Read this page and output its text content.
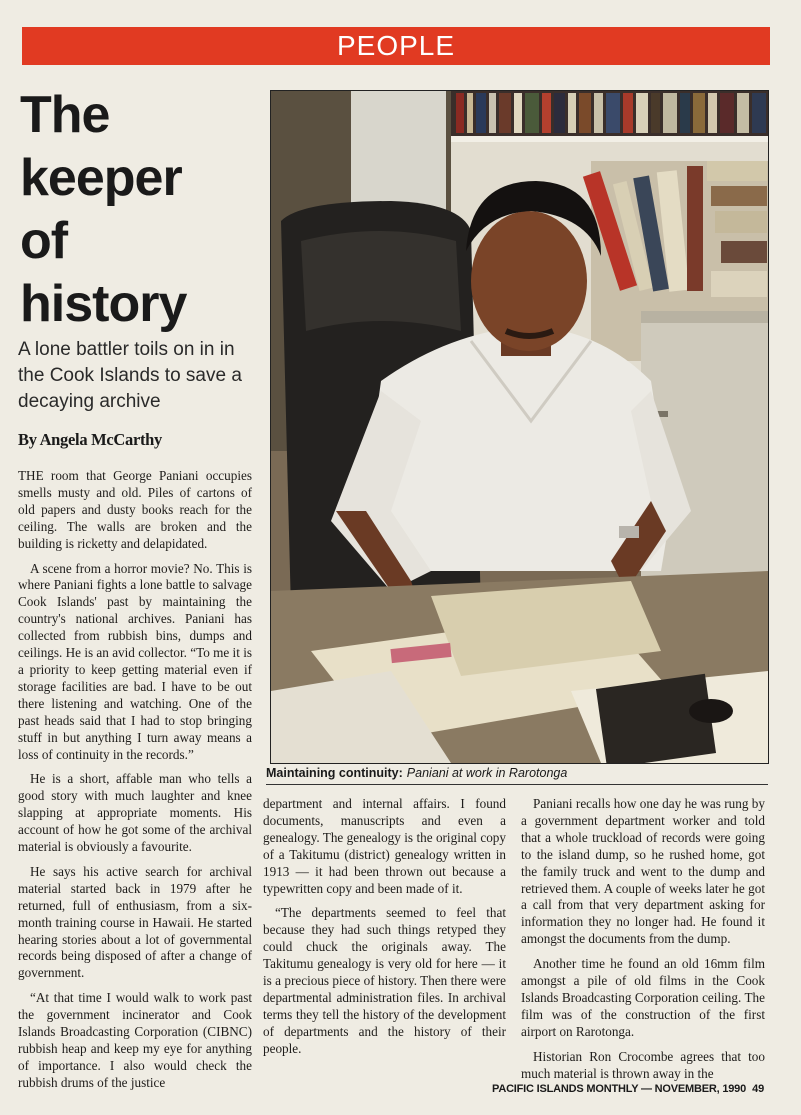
PEOPLE
The
keeper
of
history
A lone battler toils on in in the Cook Islands to save a decaying archive
By Angela McCarthy

THE room that George Paniani occupies smells musty and old. Piles of cartons of old papers and dusty books reach for the ceiling. The walls are broken and the building is ricketty and delapidated.

A scene from a horror movie? No. This is where Paniani fights a lone battle to salvage Cook Islands' past by maintaining the country's national archives. Paniani has collected from rubbish bins, dumps and ceilings. He is an avid collector. “To me it is a priority to keep getting material even if storage facilities are bad. I have to be out there listening and watching. One of the past heads said that I had to stop bringing stuff in but anything I turn away means a loss of continuity in the records.”

He is a short, affable man who tells a good story with much laughter and knee slapping at appropriate moments. His account of how he got some of the archival material is obviously a favourite.

He says his active search for archival material started back in 1979 after he returned, full of enthusiasm, from a six-month training course in Hawaii. He started hearing stories about a lot of governmental records being disposed of after a change of government.

“At that time I would walk to work past the government incinerator and Cook Islands Broadcasting Corporation (CIBNC) rubbish heap and keep my eye for anything of importance. I also would check the rubbish drums of the justice

Maintaining continuity: Paniani at work in Rarotonga

department and internal affairs. I found documents, manuscripts and even a genealogy. The genealogy is the original copy of a Takitumu (district) genealogy written in 1913 — it had been thrown out because a typewritten copy and been made of it.

“The departments seemed to feel that because they had such things retyped they could chuck the originals away. The Takitumu genealogy is very old for here — it is a precious piece of history. Then there were departmental administration files. In archival terms they tell the history of the development of departments and the history of their people.

Paniani recalls how one day he was rung by a government department worker and told that a whole truckload of records were going to the island dump, so he rushed home, got the family truck and went to the dump and retrieved them. A couple of weeks later he got a call from that very department asking for information they no longer had. He found it amongst the documents from the dump.

Another time he found an old 16mm film amongst a pile of old films in the Cook Islands Broadcasting Corporation ceiling. The film was of the construction of the first airport on Rarotonga.

Historian Ron Crocombe agrees that too much material is thrown away in the

PACIFIC ISLANDS MONTHLY — NOVEMBER, 1990 49
